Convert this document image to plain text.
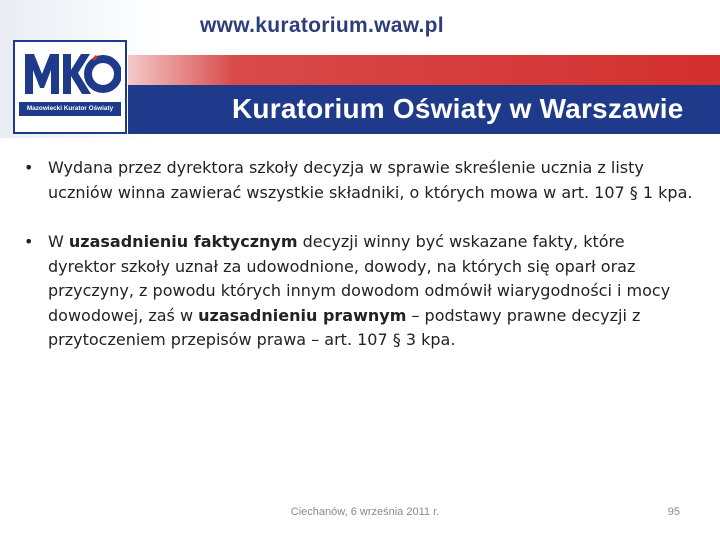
www.kuratorium.waw.pl
Kuratorium Oświaty w Warszawie
Mazowiecki Kurator Oświaty
• Wydana przez dyrektora szkoły decyzja w sprawie skreślenie ucznia z listy uczniów winna zawierać wszystkie składniki, o których mowa w art. 107 § 1 kpa.
• W uzasadnieniu faktycznym decyzji winny być wskazane fakty, które dyrektor szkoły uznał za udowodnione, dowody, na których się oparł oraz przyczyny, z powodu których innym dowodom odmówił wiarygodności i mocy dowodowej, zaś w uzasadnieniu prawnym – podstawy prawne decyzji z przytoczeniem przepisów prawa – art. 107 § 3 kpa.
Ciechanów, 6 września 2011 r.	95
